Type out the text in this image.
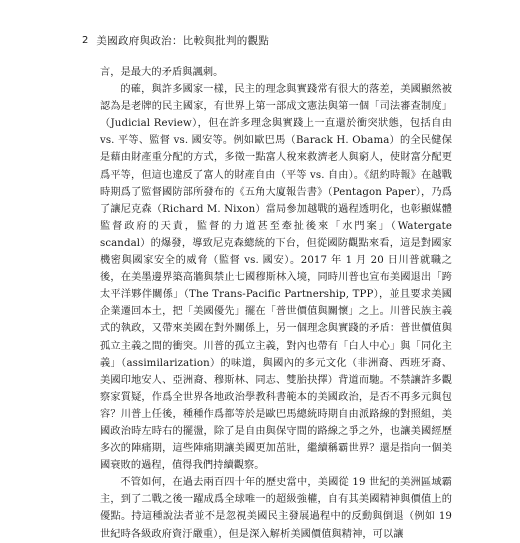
2 美國政府與政治：比較與批判的觀點

言，是最大的矛盾與諷刺。

的確，與許多國家一樣，民主的理念與實踐常有很大的落差，美國顯然被認為是老牌的民主國家，有世界上第一部成文憲法與第一個「司法審查制度」（Judicial Review），但在許多理念與實踐上一直還於衝突狀態，包括自由 vs. 平等、監督 vs. 國安等。例如歐巴馬（Barack H. Obama）的全民健保是藉由財產重分配的方式，多徵一點富人稅來救濟老人與窮人，使財富分配更爲平等，但這也違反了富人的財產自由（平等 vs. 自由）。《紐約時報》在越戰時期爲了監督國防部所發布的《五角大廈報告書》（Pentagon Paper），乃爲了讓尼克森（Richard M. Nixon）當局參加越戰的過程透明化，也彰顯媒體監督政府的天責，監督的力道甚至牽扯後來「水門案」（Watergate scandal）的爆發，導致尼克森總統的下台，但從國防觀點來看，這是對國家機密與國家安全的威脅（監督 vs. 國安）。2017 年 1 月 20 日川普就職之後，在美墨邊界築高牆與禁止七國穆斯林入境，同時川普也宣布美國退出「跨太平洋夥伴關係」（The Trans-Pacific Partnership, TPP），並且要求美國企業遷回本土，把「美國優先」擺在「普世價值與關懷」之上。川普民族主義式的執政，又帶來美國在對外關係上，另一個理念與實踐的矛盾：普世價值與孤立主義之間的衝突。川普的孤立主義，對內也帶有「白人中心」與「同化主義」（assimilarization）的味道，與國內的多元文化（非洲裔、西班牙裔、美國印地安人、亞洲裔、穆斯林、同志、雙胎抉擇）背道而馳。不禁讓許多觀察家質疑，作爲全世界各地政治學教科書範本的美國政治，是否不再多元與包容？川普上任後，種種作爲都等於是歐巴馬總統時期自由派路線的對照組，美國政治時左時右的擺盪，除了是自由與保守間的路線之爭之外，也讓美國經歷多次的陣痛期，這些陣痛期讓美國更加茁壯，繼續稱霸世界？還是指向一個美國衰敗的過程，值得我們持續觀察。

不管如何，在過去兩百四十年的歷史當中，美國從 19 世紀的美洲區域霸主，到了二戰之後一躍成爲全球唯一的超級強權，自有其美國精神與價值上的優點。持這種說法者並不是忽視美國民主發展過程中的反動與倒退（例如 19 世紀時各級政府資汙嚴重），但是深入解析美國價值與精神，可以讓
